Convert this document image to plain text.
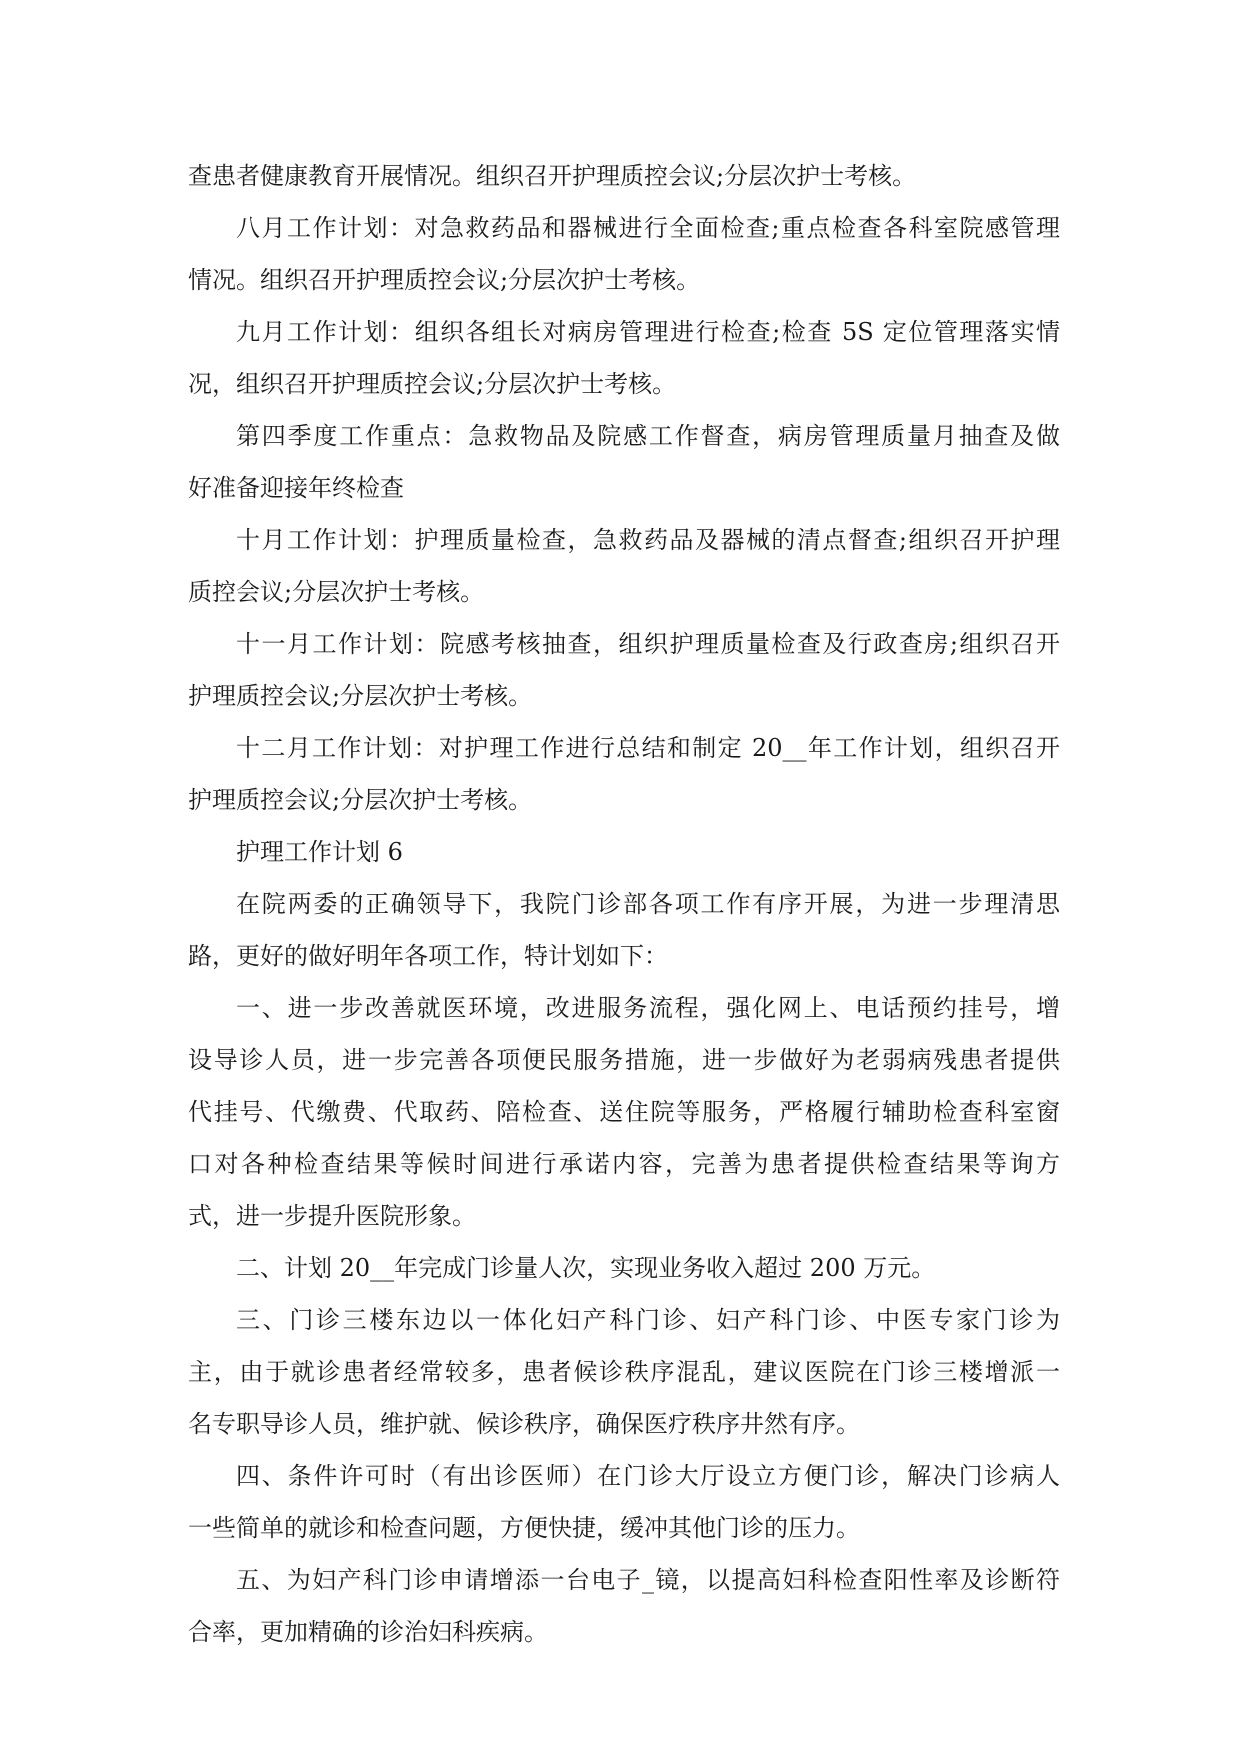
查患者健康教育开展情况。组织召开护理质控会议;分层次护士考核。

八月工作计划：对急救药品和器械进行全面检查;重点检查各科室院感管理
情况。组织召开护理质控会议;分层次护士考核。

九月工作计划：组织各组长对病房管理进行检查;检查 5S 定位管理落实情
况，组织召开护理质控会议;分层次护士考核。

第四季度工作重点：急救物品及院感工作督查，病房管理质量月抽查及做
好准备迎接年终检查

十月工作计划：护理质量检查，急救药品及器械的清点督查;组织召开护理
质控会议;分层次护士考核。

十一月工作计划：院感考核抽查，组织护理质量检查及行政查房;组织召开
护理质控会议;分层次护士考核。

十二月工作计划：对护理工作进行总结和制定 20__年工作计划，组织召开
护理质控会议;分层次护士考核。

护理工作计划 6

在院两委的正确领导下，我院门诊部各项工作有序开展，为进一步理清思
路，更好的做好明年各项工作，特计划如下：

一、进一步改善就医环境，改进服务流程，强化网上、电话预约挂号，增
设导诊人员，进一步完善各项便民服务措施，进一步做好为老弱病残患者提供
代挂号、代缴费、代取药、陪检查、送住院等服务，严格履行辅助检查科室窗
口对各种检查结果等候时间进行承诺内容，完善为患者提供检查结果等询方
式，进一步提升医院形象。

二、计划 20__年完成门诊量人次，实现业务收入超过 200 万元。

三、门诊三楼东边以一体化妇产科门诊、妇产科门诊、中医专家门诊为
主，由于就诊患者经常较多，患者候诊秩序混乱，建议医院在门诊三楼增派一
名专职导诊人员，维护就、候诊秩序，确保医疗秩序井然有序。

四、条件许可时（有出诊医师）在门诊大厅设立方便门诊，解决门诊病人
一些简单的就诊和检查问题，方便快捷，缓冲其他门诊的压力。

五、为妇产科门诊申请增添一台电子_镜，以提高妇科检查阳性率及诊断符
合率，更加精确的诊治妇科疾病。
